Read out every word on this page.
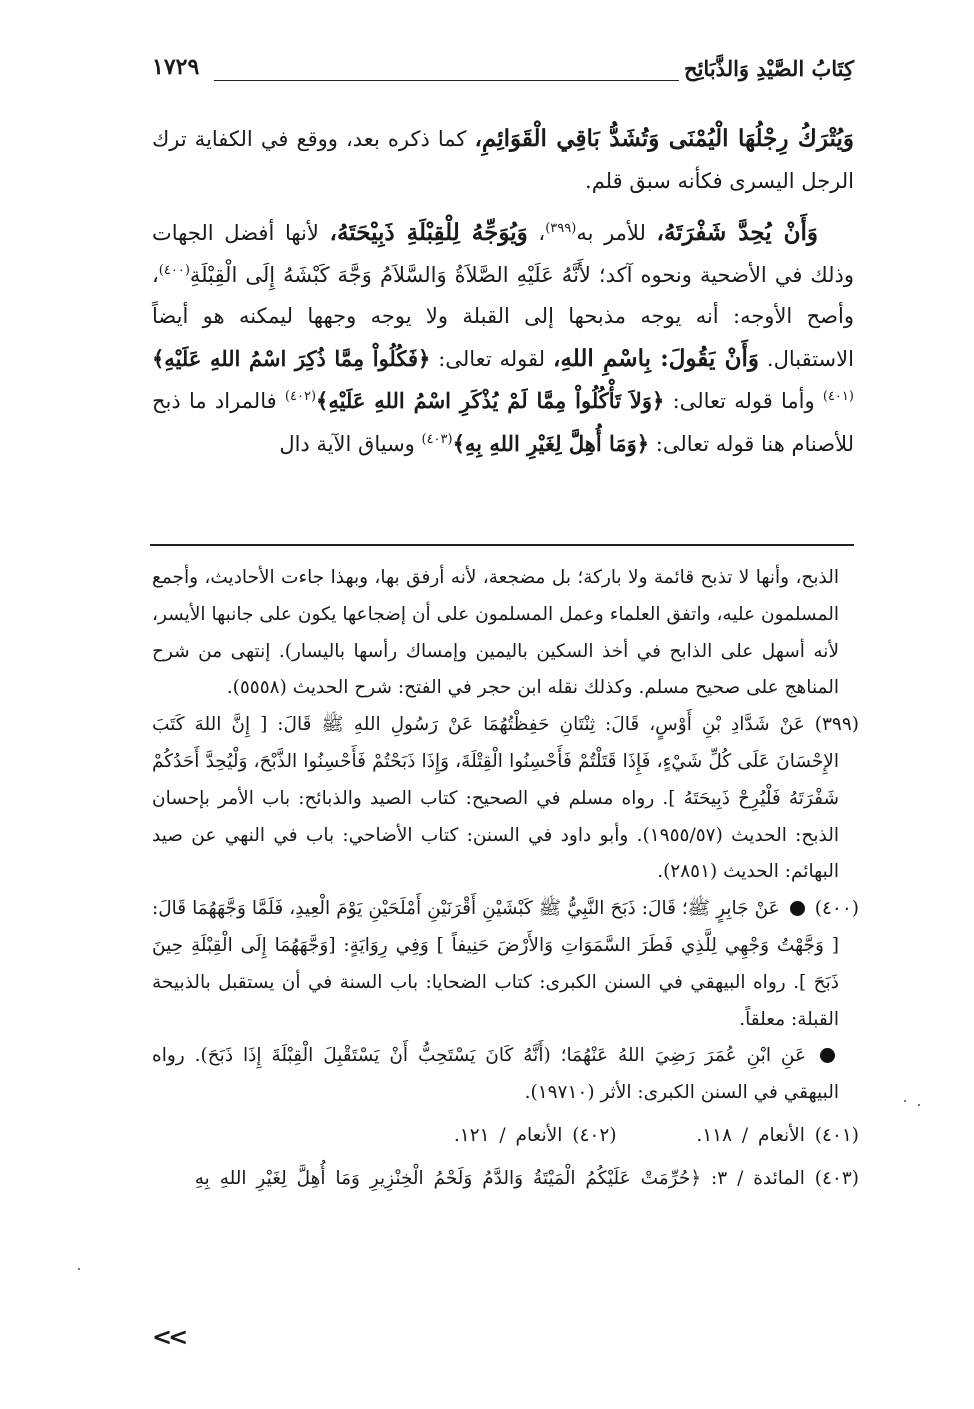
كِتَابُ الصَّيْدِ وَالذَّبَائِح
١٧٢٩

وَيُتْرَكُ رِجْلُهَا الْيُمْنَى وَتُشَدُّ بَاقِي الْقَوَائِمِ، كما ذكره بعد، ووقع في الكفاية ترك الرجل اليسرى فكأنه سبق قلم.

وَأَنْ يُحِدَّ شَفْرَتَهُ، للأمر به$^{(٣٩٩)}$، وَيُوَجِّهُ لِلْقِبْلَةِ ذَبِيْحَتَهُ، لأنها أفضل الجهات وذلك في الأضحية ونحوه آكد؛ لأَنَّهُ عَلَيْهِ الصَّلاَةُ وَالسَّلاَمُ وَجَّهَ كَبْشَهُ إِلَى الْقِبْلَةِ$^{(٤٠٠)}$، وأصح الأوجه: أنه يوجه مذبحها إلى القبلة ولا يوجه وجهها ليمكنه هو أيضاً الاستقبال. وَأَنْ يَقُولَ: بِاسْمِ اللهِ، لقوله تعالى: ﴿فَكُلُواْ مِمَّا ذُكِرَ اسْمُ اللهِ عَلَيْهِ﴾$^{(٤٠١)}$ وأما قوله تعالى: ﴿وَلاَ تَأْكُلُواْ مِمَّا لَمْ يُذْكَرِ اسْمُ اللهِ عَلَيْهِ﴾$^{(٤٠٢)}$ فالمراد ما ذبح للأصنام هنا قوله تعالى: ﴿وَمَا أُهِلَّ لِغَيْرِ اللهِ بِهِ﴾$^{(٤٠٣)}$ وسياق الآية دال

الذبح، وأنها لا تذبح قائمة ولا باركة؛ بل مضجعة، لأنه أرفق بها، وبهذا جاءت الأحاديث، وأجمع المسلمون عليه، واتفق العلماء وعمل المسلمون على أن إضجاعها يكون على جانبها الأيسر، لأنه أسهل على الذابح في أخذ السكين باليمين وإمساك رأسها باليسار). إنتهى من شرح المناهج على صحيح مسلم. وكذلك نقله ابن حجر في الفتح: شرح الحديث (٥٥٥٨).

(٣٩٩) عَنْ شَدَّادِ بْنِ أَوْسٍ، قَالَ: ثِنْتَانِ حَفِظْتُهُمَا عَنْ رَسُولِ اللهِ ﷺ قَالَ: [ إِنَّ اللهَ كَتَبَ الإِحْسَانَ عَلَى كُلِّ شَيْءٍ، فَإِذَا قَتَلْتُمْ فَأَحْسِنُوا الْقِتْلَةَ، وَإِذَا ذَبَحْتُمْ فَأَحْسِنُوا الذَّبْحَ، وَلْيُحِدَّ أَحَدُكُمْ شَفْرَتَهُ فَلْيُرِحْ ذَبِيحَتَهُ ]. رواه مسلم في الصحيح: كتاب الصيد والذبائح: باب الأمر بإحسان الذبح: الحديث (١٩٥٥/٥٧). وأبو داود في السنن: كتاب الأضاحي: باب في النهي عن صيد البهائم: الحديث (٢٨٥١).

(٤٠٠)  عَنْ جَابِرٍ ﷺ؛ قَالَ: ذَبَحَ النَّبِيُّ ﷺ كَبْشَيْنِ أَقْرَنَيْنِ أَمْلَحَيْنِ يَوْمَ الْعِيدِ، فَلَمَّا وَجَّهَهُمَا قَالَ: [ وَجَّهْتُ وَجْهِي لِلَّذِي فَطَرَ السَّمَوَاتِ وَالأَرْضَ حَنِيفاً ] وَفِي رِوَايَةٍ: [وَجَّهَهُمَا إِلَى الْقِبْلَةِ حِينَ ذَبَحَ ]. رواه البيهقي في السنن الكبرى: كتاب الضحايا: باب السنة في أن يستقبل بالذبيحة القبلة: معلقاً.

عَنِ ابْنِ عُمَرَ رَضِيَ اللهُ عَنْهُمَا؛ (أَنَّهُ كَانَ يَسْتَحِبُّ أَنْ يَسْتَقْبِلَ الْقِبْلَةَ إِذَا ذَبَحَ). رواه البيهقي في السنن الكبرى: الأثر (١٩٧١٠).

(٤٠١) الأنعام / ١١٨.  (٤٠٢) الأنعام / ١٢١.

(٤٠٣) المائدة / ٣: ﴿حُرِّمَتْ عَلَيْكُمُ الْمَيْتَةُ وَالدَّمُ وَلَحْمُ الْخِنْزِيرِ وَمَا أُهِلَّ لِغَيْرِ اللهِ بِهِ

<<
